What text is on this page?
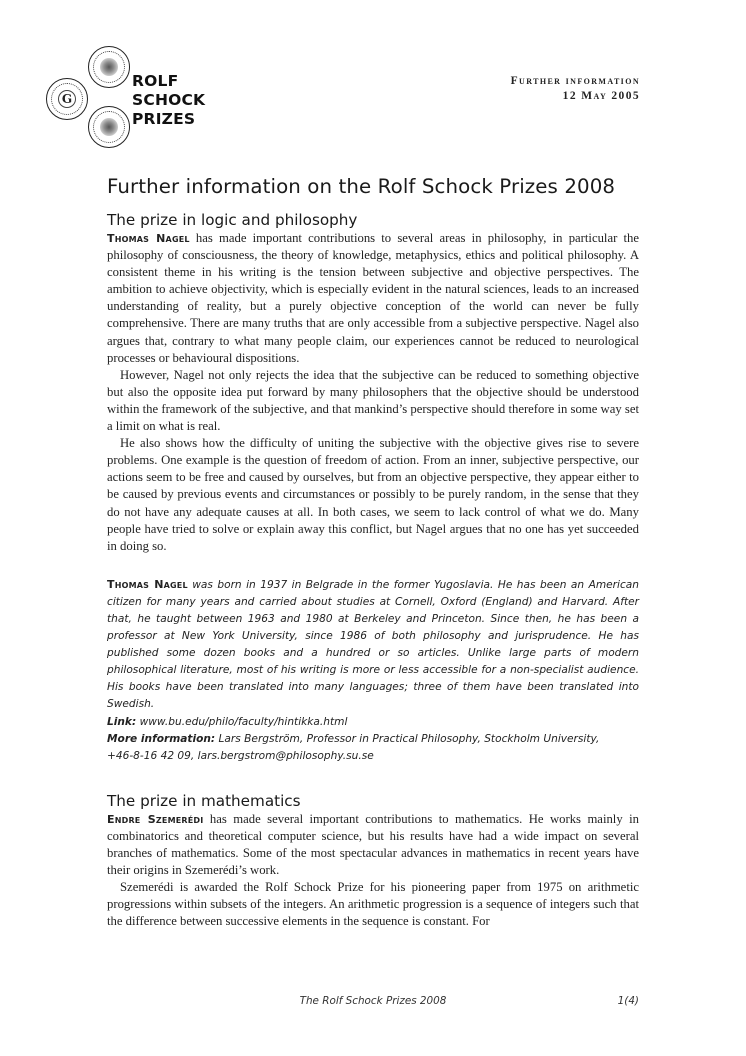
G
ROLF
SCHOCK
PRIZES
Further information
12 May 2005
Further information on the Rolf Schock Prizes 2008
The prize in logic and philosophy

Thomas Nagel has made important contributions to several areas in philosophy, in particular the philosophy of consciousness, the theory of knowledge, metaphysics, ethics and political philosophy. A consistent theme in his writing is the tension between subjective and objective perspectives. The ambition to achieve objectivity, which is especially evident in the natural sciences, leads to an increased understanding of reality, but a purely objective conception of the world can never be fully comprehensive. There are many truths that are only accessible from a subjective perspective. Nagel also argues that, contrary to what many people claim, our experiences cannot be reduced to neurological processes or behavioural dispositions.

However, Nagel not only rejects the idea that the subjective can be reduced to something objective but also the opposite idea put forward by many philosophers that the objective should be understood within the framework of the subjective, and that mankind’s perspective should therefore in some way set a limit on what is real.

He also shows how the difficulty of uniting the subjective with the objective gives rise to severe problems. One example is the question of freedom of action. From an inner, subjective perspective, our actions seem to be free and caused by ourselves, but from an objective perspective, they appear either to be caused by previous events and circumstances or possibly to be purely random, in the sense that they do not have any adequate causes at all. In both cases, we seem to lack control of what we do. Many people have tried to solve or explain away this conflict, but Nagel argues that no one has yet succeeded in doing so.

Thomas Nagel was born in 1937 in Belgrade in the former Yugoslavia. He has been an American citizen for many years and carried about studies at Cornell, Oxford (England) and Harvard. After that, he taught between 1963 and 1980 at Berkeley and Princeton. Since then, he has been a professor at New York University, since 1986 of both philosophy and jurisprudence. He has published some dozen books and a hundred or so articles. Unlike large parts of modern philosophical literature, most of his writing is more or less accessible for a non-specialist audience. His books have been translated into many languages; three of them have been translated into Swedish.

Link: www.bu.edu/philo/faculty/hintikka.html

More information: Lars Bergström, Professor in Practical Philosophy, Stockholm University,

+46-8-16 42 09, lars.bergstrom@philosophy.su.se

The prize in mathematics

Endre Szemerédi has made several important contributions to mathematics. He works mainly in combinatorics and theoretical computer science, but his results have had a wide impact on several branches of mathematics. Some of the most spectacular advances in mathematics in recent years have their origins in Szemerédi’s work.

Szemerédi is awarded the Rolf Schock Prize for his pioneering paper from 1975 on arithmetic progressions within subsets of the integers. An arithmetic progression is a sequence of integers such that the difference between successive elements in the sequence is constant. For

The Rolf Schock Prizes 2008	1(4)
